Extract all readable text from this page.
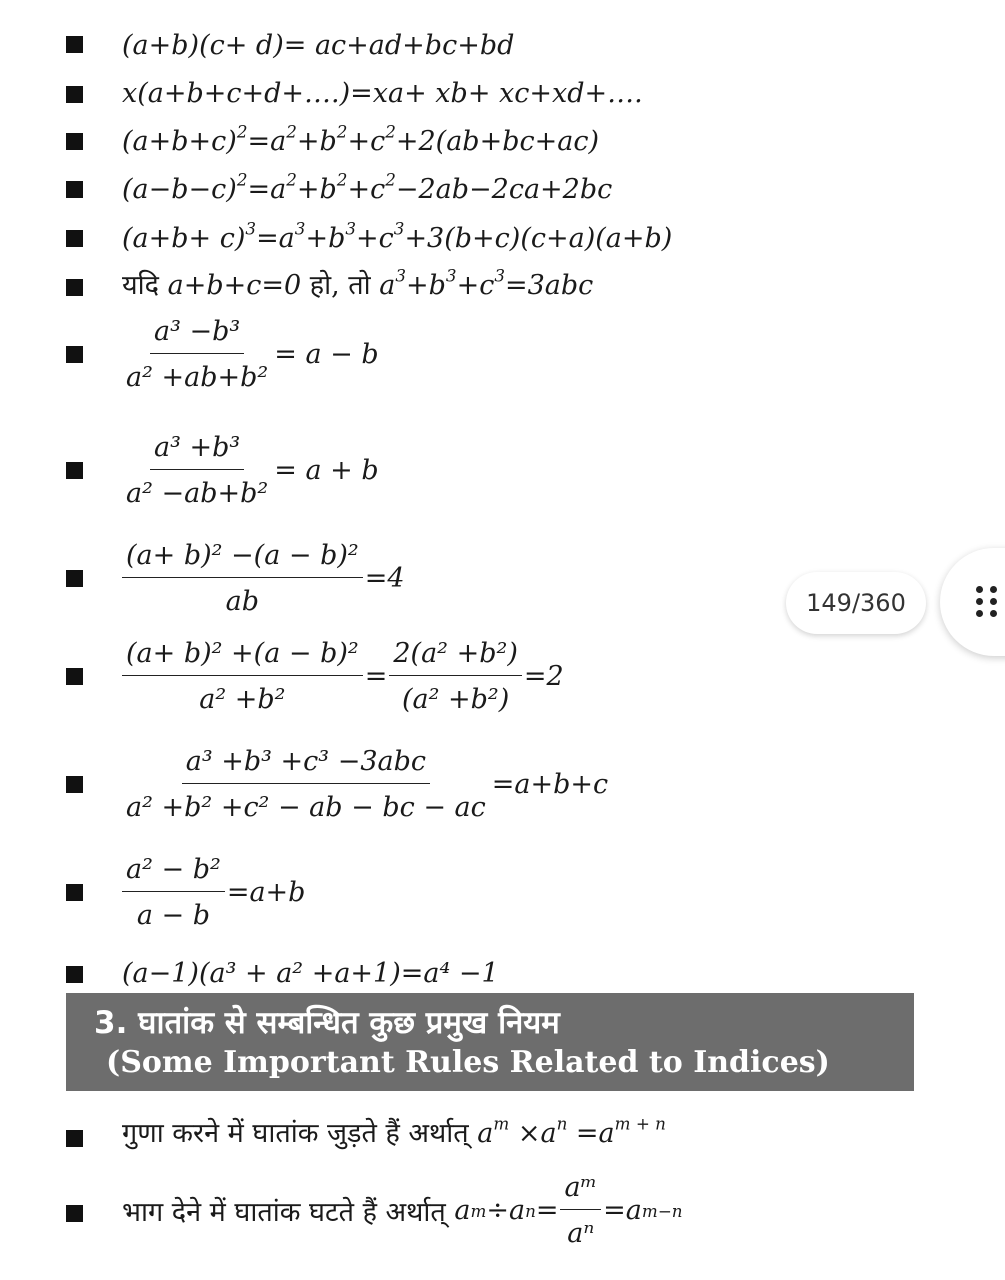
(a+b)(c+ d)= ac+ad+bc+bd
x(a+b+c+d+….)=xa+ xb+ xc+xd+….
$(a+b+c)^2=a^2+b^2+c^2+2(ab+bc+ac)$
$(a-b-c)^2=a^2+b^2+c^2-2ab-2ca+2bc$
$(a+b+ c)^3=a^3+b^3+c^3+3(b+c)(c+a)(a+b)$
यदि a+b+c=0 हो, तो $a^3+b^3+c^3=3abc$
$\frac{\text{a³ −b³}}{\text{a² +ab+b²}} = a - b$
$\frac{\text{a³ +b³}}{\text{a² −ab+b²}} = a + b$
$\frac{\text{(a+ b)² −(a − b)²}}{ab} =4$
$\frac{\text{(a+ b)² +(a − b)²}}{\text{a² +b²}} = \frac{\text{2(a² +b²)}}{\text{(a² +b²)}} =2$
$\frac{\text{a³ +b³ +c³ −3abc}}{\text{a² +b² +c² − ab − bc − ac}} =a+b+c$
$\frac{\text{a² − b²}}{a - b} =a+b$
(a−1)(a³ + a² +a+1)=a⁴ −1
3. घातांक से सम्बन्धित कुछ प्रमुख नियम
(Some Important Rules Related to Indices)
गुणा करने में घातांक जुड़ते हैं अर्थात् $a^m \times a^n =a^{m + n}$
भाग देने में घातांक घटते हैं अर्थात्
a m ÷a $n = \frac{\text{aᵐ}}{\text{aⁿ}} =a$ m−n
149/360
